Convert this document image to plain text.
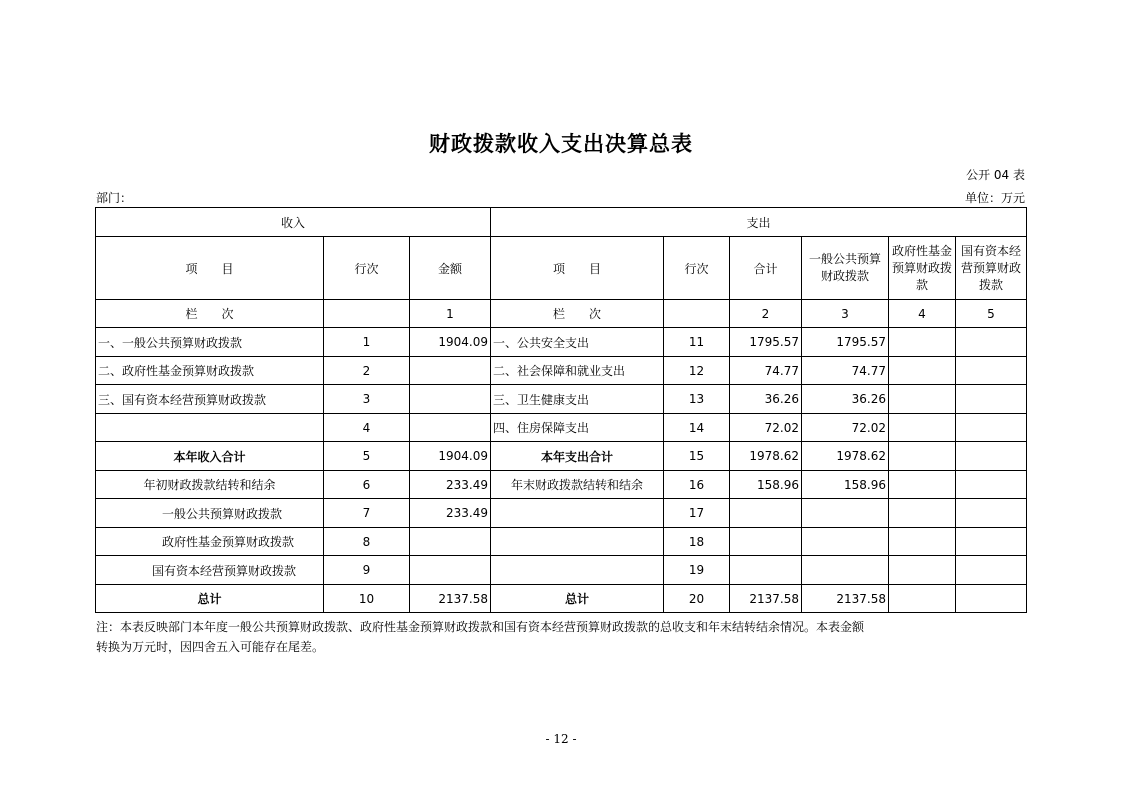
财政拨款收入支出决算总表
公开 04 表
部门：	单位：万元
收入			支出					
项　　目	行次	金额	项　　目	行次	合计	一般公共预算财政拨款	政府性基金预算财政拨款	国有资本经营预算财政拨款
栏　　次		1	栏　　次		2	3	4	5
一、一般公共预算财政拨款	1	1904.09	一、公共安全支出	11	1795.57	1795.57		
二、政府性基金预算财政拨款	2		二、社会保障和就业支出	12	74.77	74.77		
三、国有资本经营预算财政拨款	3		三、卫生健康支出	13	36.26	36.26		
	4		四、住房保障支出	14	72.02	72.02		
本年收入合计	5	1904.09	本年支出合计	15	1978.62	1978.62		
年初财政拨款结转和结余	6	233.49	年末财政拨款结转和结余	16	158.96	158.96		
一般公共预算财政拨款	7	233.49		17				
政府性基金预算财政拨款	8			18				
国有资本经营预算财政拨款	9			19				
总计	10	2137.58	总计	20	2137.58	2137.58		
注：本表反映部门本年度一般公共预算财政拨款、政府性基金预算财政拨款和国有资本经营预算财政拨款的总收支和年末结转结余情况。本表金额
转换为万元时，因四舍五入可能存在尾差。
- 12 -
